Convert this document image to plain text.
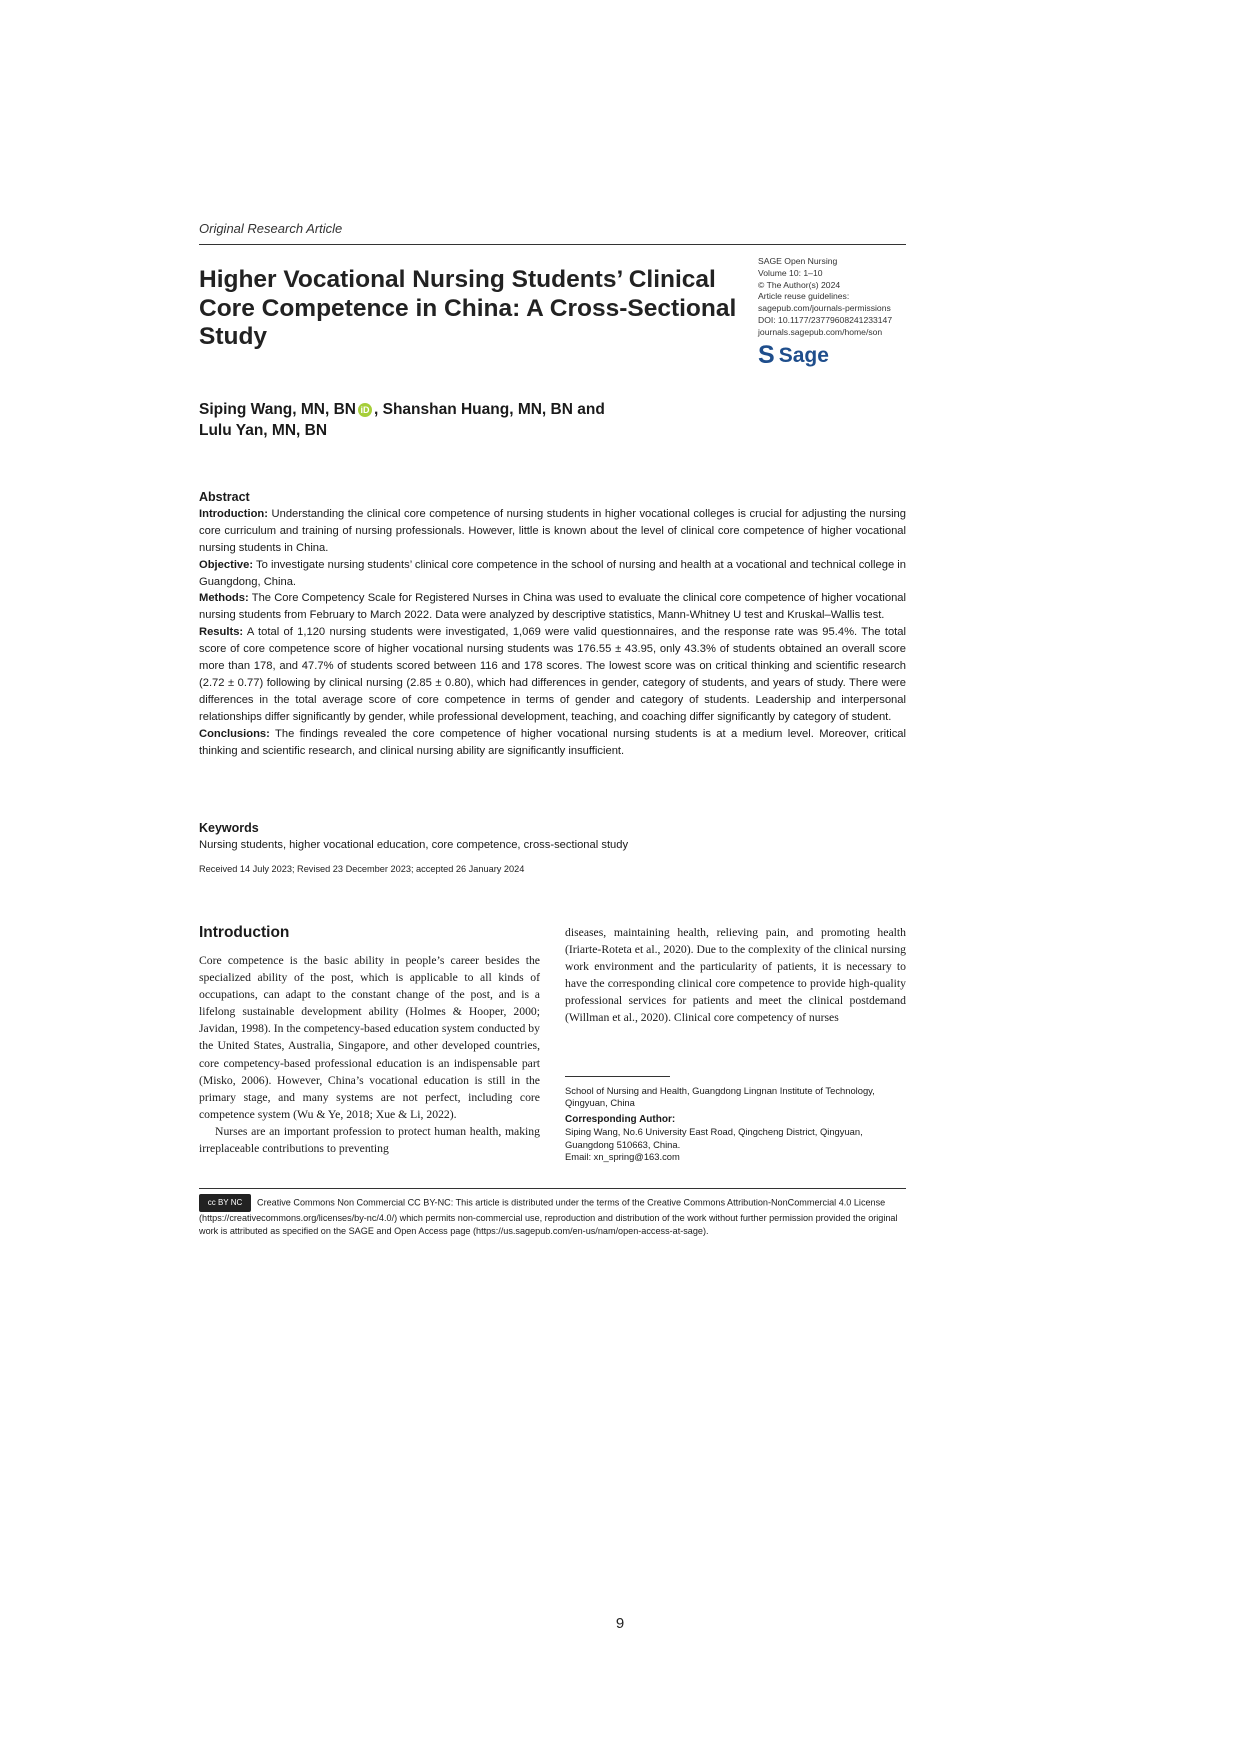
Original Research Article
Higher Vocational Nursing Students’ Clinical Core Competence in China: A Cross-Sectional Study
SAGE Open Nursing
Volume 10: 1–10
© The Author(s) 2024
Article reuse guidelines:
sagepub.com/journals-permissions
DOI: 10.1177/23779608241233147
journals.sagepub.com/home/son
S Sage
Siping Wang, MN, BN iD , Shanshan Huang, MN, BN and
Lulu Yan, MN, BN
Abstract

Introduction: Understanding the clinical core competence of nursing students in higher vocational colleges is crucial for adjusting the nursing core curriculum and training of nursing professionals. However, little is known about the level of clinical core competence of higher vocational nursing students in China.

Objective: To investigate nursing students’ clinical core competence in the school of nursing and health at a vocational and technical college in Guangdong, China.

Methods: The Core Competency Scale for Registered Nurses in China was used to evaluate the clinical core competence of higher vocational nursing students from February to March 2022. Data were analyzed by descriptive statistics, Mann-Whitney U test and Kruskal–Wallis test.

Results: A total of 1,120 nursing students were investigated, 1,069 were valid questionnaires, and the response rate was 95.4%. The total score of core competence score of higher vocational nursing students was 176.55 ± 43.95, only 43.3% of students obtained an overall score more than 178, and 47.7% of students scored between 116 and 178 scores. The lowest score was on critical thinking and scientific research (2.72 ± 0.77) following by clinical nursing (2.85 ± 0.80), which had differences in gender, category of students, and years of study. There were differences in the total average score of core competence in terms of gender and category of students. Leadership and interpersonal relationships differ significantly by gender, while professional development, teaching, and coaching differ significantly by category of student.

Conclusions: The findings revealed the core competence of higher vocational nursing students is at a medium level. Moreover, critical thinking and scientific research, and clinical nursing ability are significantly insufficient.

Keywords
Nursing students, higher vocational education, core competence, cross-sectional study
Received 14 July 2023; Revised 23 December 2023; accepted 26 January 2024
Introduction

Core competence is the basic ability in people’s career besides the specialized ability of the post, which is applicable to all kinds of occupations, can adapt to the constant change of the post, and is a lifelong sustainable development ability (Holmes & Hooper, 2000; Javidan, 1998). In the competency-based education system conducted by the United States, Australia, Singapore, and other developed countries, core competency-based professional education is an indispensable part (Misko, 2006). However, China’s vocational education is still in the primary stage, and many systems are not perfect, including core competence system (Wu & Ye, 2018; Xue & Li, 2022).

Nurses are an important profession to protect human health, making irreplaceable contributions to preventing

diseases, maintaining health, relieving pain, and promoting health (Iriarte-Roteta et al., 2020). Due to the complexity of the clinical nursing work environment and the particularity of patients, it is necessary to have the corresponding clinical core competence to provide high-quality professional services for patients and meet the clinical postdemand (Willman et al., 2020). Clinical core competency of nurses
School of Nursing and Health, Guangdong Lingnan Institute of Technology, Qingyuan, China
Corresponding Author:
Siping Wang, No.6 University East Road, Qingcheng District, Qingyuan, Guangdong 510663, China.
Email: xn_spring@163.com
cc BY NC Creative Commons Non Commercial CC BY-NC: This article is distributed under the terms of the Creative Commons Attribution-NonCommercial 4.0 License (https://creativecommons.org/licenses/by-nc/4.0/) which permits non-commercial use, reproduction and distribution of the work without further permission provided the original work is attributed as specified on the SAGE and Open Access page (https://us.sagepub.com/en-us/nam/open-access-at-sage).
9
